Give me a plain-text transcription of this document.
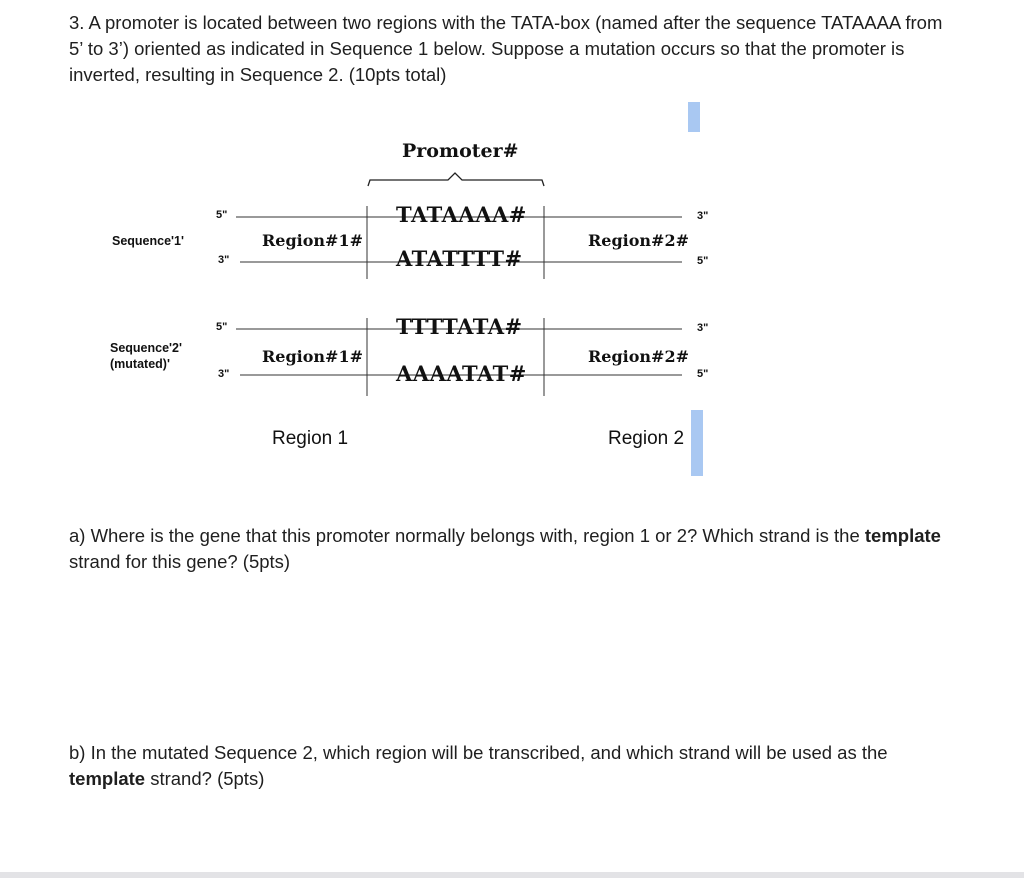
3. A promoter is located between two regions with the TATA-box (named after the sequence TATAAAA from 5’ to 3’) oriented as indicated in Sequence 1 below. Suppose a mutation occurs so that the promoter is inverted, resulting in Sequence 2. (10pts total)

Promoter#
Sequence'1'
5"
3"
Region#1#
TATAAAA#
ATATTTT#
Region#2#
3"
5"
Sequence'2'
(mutated)'
5"
3"
Region#1#
TTTTATA#
AAAATAT#
Region#2#
3"
5"
Region 1	Region 2

a) Where is the gene that this promoter normally belongs with, region 1 or 2? Which strand is the template strand for this gene? (5pts)

b) In the mutated Sequence 2, which region will be transcribed, and which strand will be used as the template strand? (5pts)
